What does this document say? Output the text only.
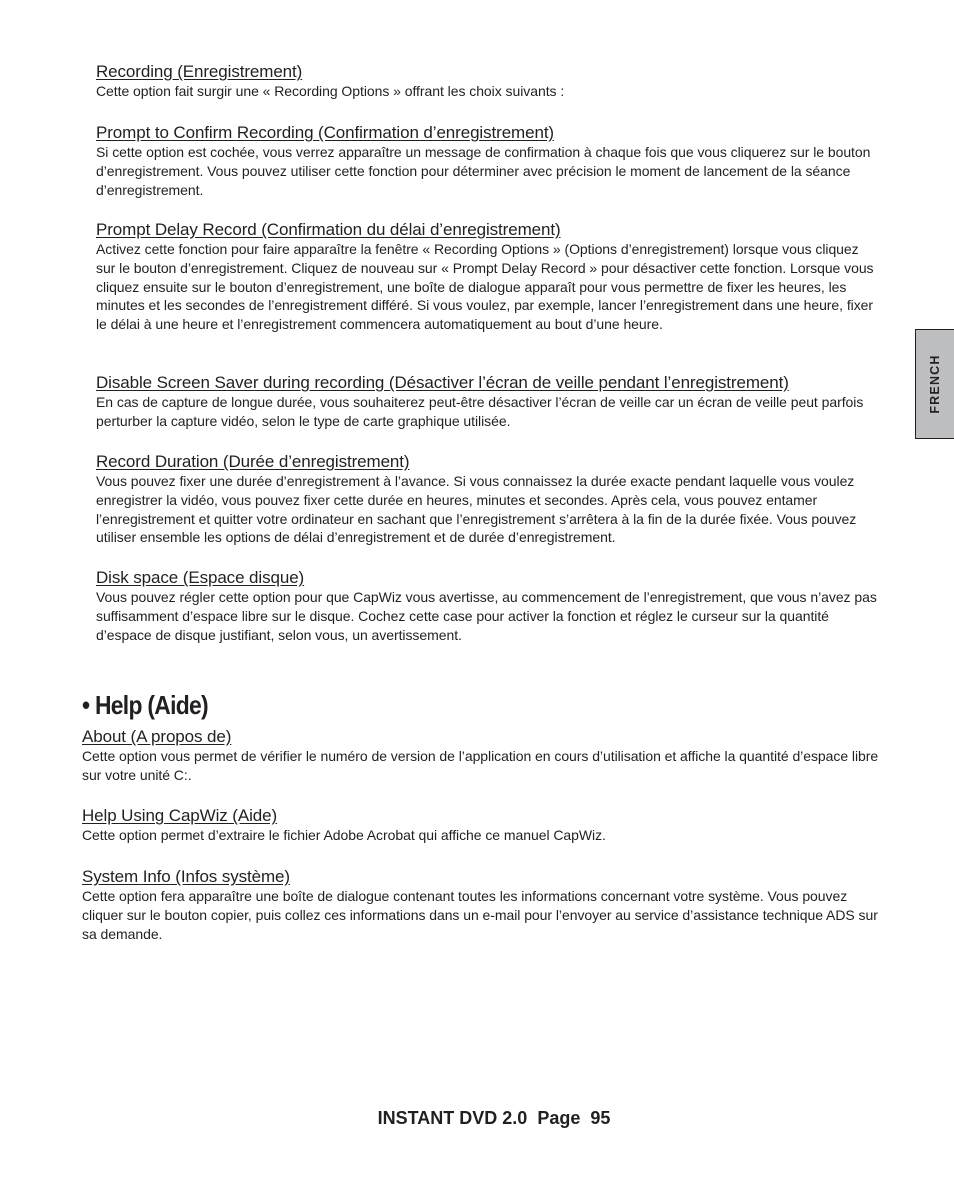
FRENCH
Recording (Enregistrement)

Cette option fait surgir une « Recording Options » offrant les choix suivants :

Prompt to Confirm Recording (Confirmation d’enregistrement)

Si cette option est cochée, vous verrez apparaître un message de confirmation à chaque fois que vous cliquerez sur le bouton d’enregistrement. Vous pouvez utiliser cette fonction pour déterminer avec précision le moment de lancement de la séance d’enregistrement.

Prompt Delay Record (Confirmation du délai d’enregistrement)

Activez cette fonction pour faire apparaître la fenêtre « Recording Options » (Options d’enregistrement) lorsque vous cliquez sur le bouton d’enregistrement. Cliquez de nouveau sur « Prompt Delay Record » pour désactiver cette fonction. Lorsque vous cliquez ensuite sur le bouton d’enregistrement, une boîte de dialogue apparaît pour vous permettre de fixer les heures, les minutes et les secondes de l’enregistrement différé. Si vous voulez, par exemple, lancer l’enregistrement dans une heure, fixer le délai à une heure et l’enregistrement commencera automatiquement au bout d’une heure.

Disable Screen Saver during recording (Désactiver l’écran de veille pendant l’enregistrement)

En cas de capture de longue durée, vous souhaiterez peut-être désactiver l’écran de veille car un écran de veille peut parfois perturber la capture vidéo, selon le type de carte graphique utilisée.

Record Duration (Durée d’enregistrement)

Vous pouvez fixer une durée d’enregistrement à l’avance. Si vous connaissez la durée exacte pendant laquelle vous voulez enregistrer la vidéo, vous pouvez fixer cette durée en heures, minutes et secondes. Après cela, vous pouvez entamer l’enregistrement et quitter votre ordinateur en sachant que l’enregistrement s’arrêtera à la fin de la durée fixée. Vous pouvez utiliser ensemble les options de délai d’enregistrement et de durée d’enregistrement.

Disk space (Espace disque)

Vous pouvez régler cette option pour que CapWiz vous avertisse, au commencement de l’enregistrement, que vous n’avez pas suffisamment d’espace libre sur le disque. Cochez cette case pour activer la fonction et réglez le curseur sur la quantité d’espace de disque justifiant, selon vous, un avertissement.

• Help (Aide)
About (A propos de)

Cette option vous permet de vérifier le numéro de version de l’application en cours d’utilisation et affiche la quantité d’espace libre sur votre unité C:.

Help Using CapWiz (Aide)

Cette option permet d’extraire le fichier Adobe Acrobat qui affiche ce manuel CapWiz.

System Info (Infos système)

Cette option fera apparaître une boîte de dialogue contenant toutes les informations concernant votre système. Vous pouvez cliquer sur le bouton copier, puis collez ces informations dans un e-mail pour l’envoyer au service d’assistance technique ADS sur sa demande.

INSTANT DVD 2.0  Page  95
